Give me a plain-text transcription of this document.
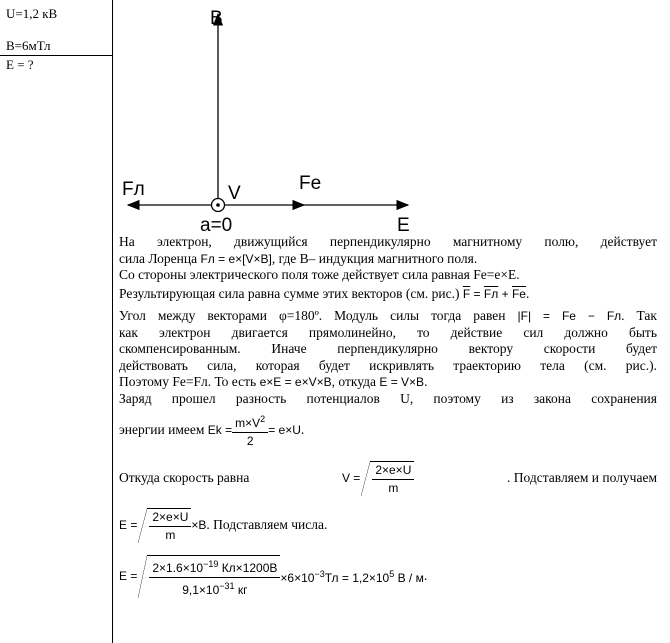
U=1,2 кВ
B=6мТл
E = ?
B
Fл	V	Fe
a=0	E

На электрон, движущийся перпендикулярно магнитному полю, действует

сила Лоренца Fл = e×[V×B], где B– индукция магнитного поля.

Со стороны электрического поля тоже действует сила равная Fe=e×E.

Результирующая сила равна сумме этих векторов (см. рис.) $\overline{F}$ = Fл + $\overline{Fe}$.

Угол между векторами φ=180º. Модуль силы тогда равен |F| = Fe − Fл. Так

как электрон двигается прямолинейно, то действие сил должно быть

скомпенсированным. Иначе перпендикулярно вектору скорости будет

действовать сила, которая будет искривлять траекторию тела (см. рис.).

Поэтому Fe=Fл. То есть e×E = e×V×B, откуда E = V×B.

Заряд прошел разность потенциалов U, поэтому из закона сохранения

энергии имеем
$Ek = \frac{m\times V^2}{2} = e\times U$ .
Откуда скорость равна	$V = \frac{2\times e\times U}{m}$	. Подставляем и получаем
$E = \frac{2\times e\times U}{m} \times B$ . Подставляем числа.
$E = \frac{2\times 1.6\times 10^{-19} Кл\times 1200В}{9,1\times 10^{-31} кг} \times 6\times 10^{-3}Тл = 1,2\times 10^5$ В / м .
